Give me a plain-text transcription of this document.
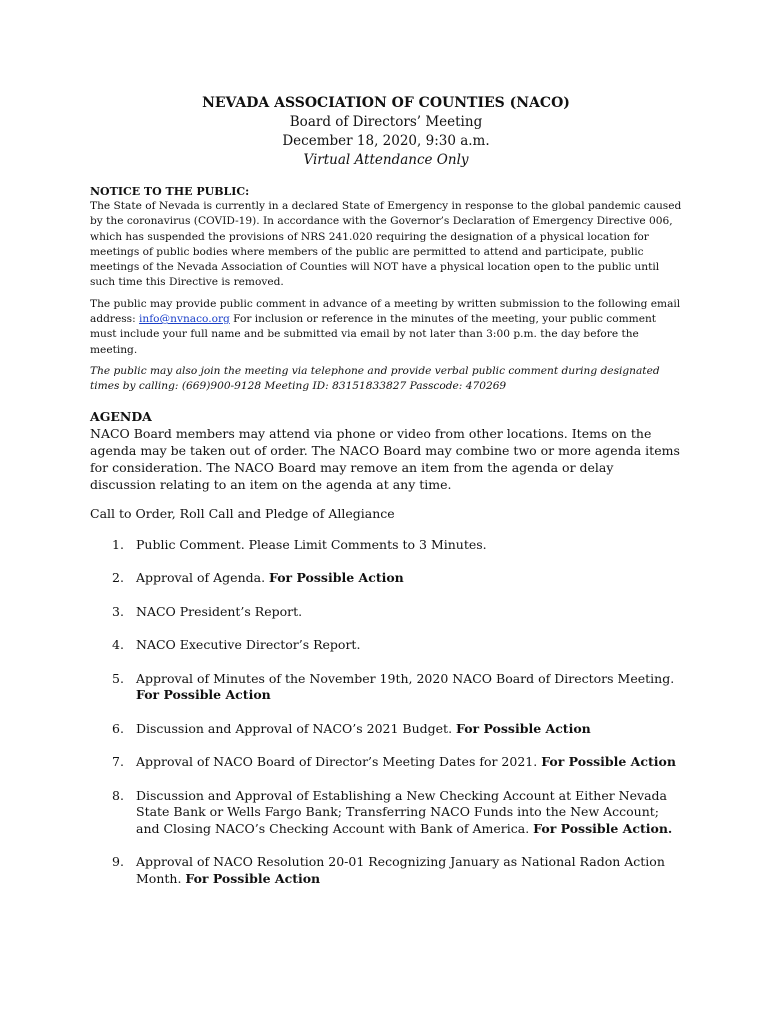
NEVADA ASSOCIATION OF COUNTIES (NACO)
Board of Directors’ Meeting
December 18, 2020, 9:30 a.m.
Virtual Attendance Only
NOTICE TO THE PUBLIC:

The State of Nevada is currently in a declared State of Emergency in response to the global pandemic caused by the coronavirus (COVID-19). In accordance with the Governor’s Declaration of Emergency Directive 006, which has suspended the provisions of NRS 241.020 requiring the designation of a physical location for meetings of public bodies where members of the public are permitted to attend and participate, public meetings of the Nevada Association of Counties will NOT have a physical location open to the public until such time this Directive is removed.

The public may provide public comment in advance of a meeting by written submission to the following email address: info@nvnaco.org For inclusion or reference in the minutes of the meeting, your public comment must include your full name and be submitted via email by not later than 3:00 p.m. the day before the meeting.

The public may also join the meeting via telephone and provide verbal public comment during designated times by calling: (669)900-9128 Meeting ID: 83151833827 Passcode: 470269

AGENDA

NACO Board members may attend via phone or video from other locations. Items on the agenda may be taken out of order. The NACO Board may combine two or more agenda items for consideration. The NACO Board may remove an item from the agenda or delay discussion relating to an item on the agenda at any time.

Call to Order, Roll Call and Pledge of Allegiance
1. Public Comment. Please Limit Comments to 3 Minutes.
2. Approval of Agenda. For Possible Action
3. NACO President’s Report.
4. NACO Executive Director’s Report.
5. Approval of Minutes of the November 19th, 2020 NACO Board of Directors Meeting. For Possible Action
6. Discussion and Approval of NACO’s 2021 Budget. For Possible Action
7. Approval of NACO Board of Director’s Meeting Dates for 2021. For Possible Action
8. Discussion and Approval of Establishing a New Checking Account at Either Nevada State Bank or Wells Fargo Bank; Transferring NACO Funds into the New Account; and Closing NACO’s Checking Account with Bank of America. For Possible Action.
9. Approval of NACO Resolution 20-01 Recognizing January as National Radon Action Month. For Possible Action
